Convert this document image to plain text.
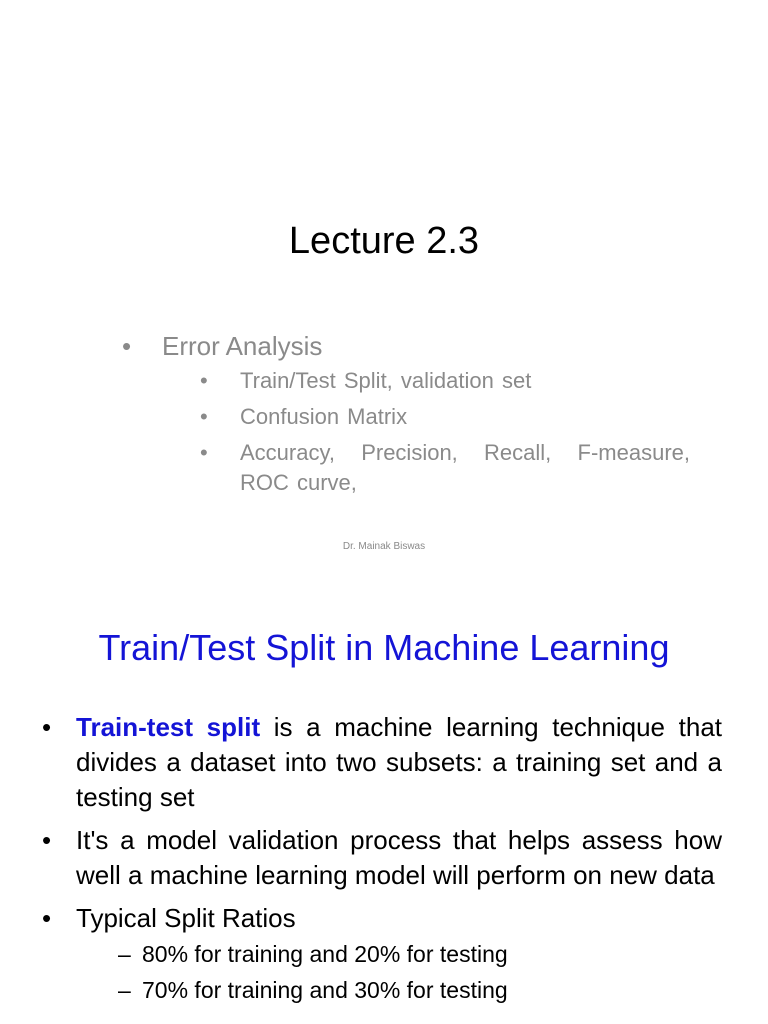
Lecture 2.3
• Error Analysis
• Train/Test Split, validation set
• Confusion Matrix
• Accuracy, Precision, Recall, F-measure, ROC curve,
Dr. Mainak Biswas
Train/Test Split in Machine Learning
• Train-test split is a machine learning technique that divides a dataset into two subsets: a training set and a testing set
• It's a model validation process that helps assess how well a machine learning model will perform on new data
• Typical Split Ratios
– 80% for training and 20% for testing
– 70% for training and 30% for testing
